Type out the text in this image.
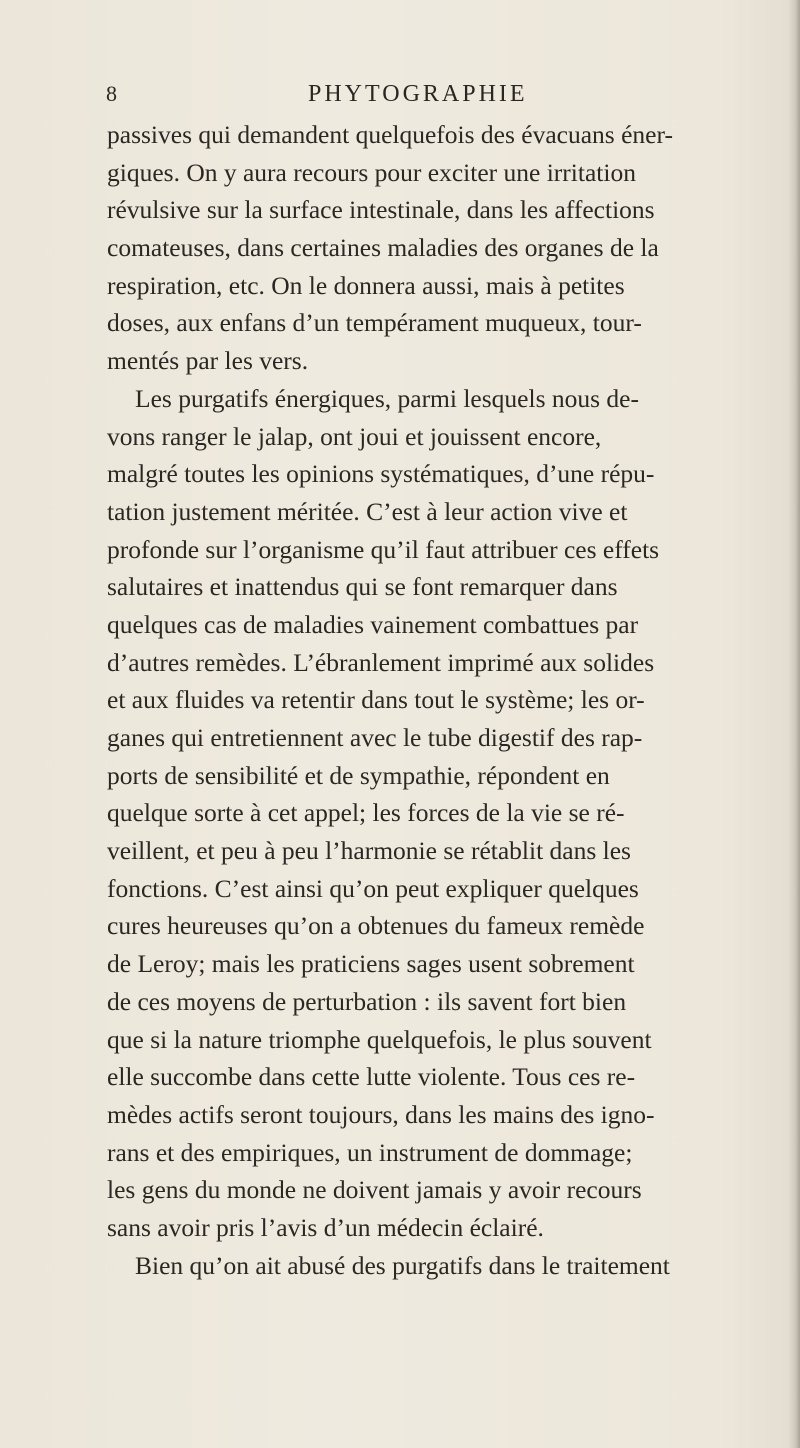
8	PHYTOGRAPHIE
passives qui demandent quelquefois des évacuans éner-
giques. On y aura recours pour exciter une irritation
révulsive sur la surface intestinale, dans les affections
comateuses, dans certaines maladies des organes de la
respiration, etc. On le donnera aussi, mais à petites
doses, aux enfans d’un tempérament muqueux, tour-
mentés par les vers.
Les purgatifs énergiques, parmi lesquels nous de-
vons ranger le jalap, ont joui et jouissent encore,
malgré toutes les opinions systématiques, d’une répu-
tation justement méritée. C’est à leur action vive et
profonde sur l’organisme qu’il faut attribuer ces effets
salutaires et inattendus qui se font remarquer dans
quelques cas de maladies vainement combattues par
d’autres remèdes. L’ébranlement imprimé aux solides
et aux fluides va retentir dans tout le système; les or-
ganes qui entretiennent avec le tube digestif des rap-
ports de sensibilité et de sympathie, répondent en
quelque sorte à cet appel; les forces de la vie se ré-
veillent, et peu à peu l’harmonie se rétablit dans les
fonctions. C’est ainsi qu’on peut expliquer quelques
cures heureuses qu’on a obtenues du fameux remède
de Leroy; mais les praticiens sages usent sobrement
de ces moyens de perturbation : ils savent fort bien
que si la nature triomphe quelquefois, le plus souvent
elle succombe dans cette lutte violente. Tous ces re-
mèdes actifs seront toujours, dans les mains des igno-
rans et des empiriques, un instrument de dommage;
les gens du monde ne doivent jamais y avoir recours
sans avoir pris l’avis d’un médecin éclairé.
Bien qu’on ait abusé des purgatifs dans le traitement
